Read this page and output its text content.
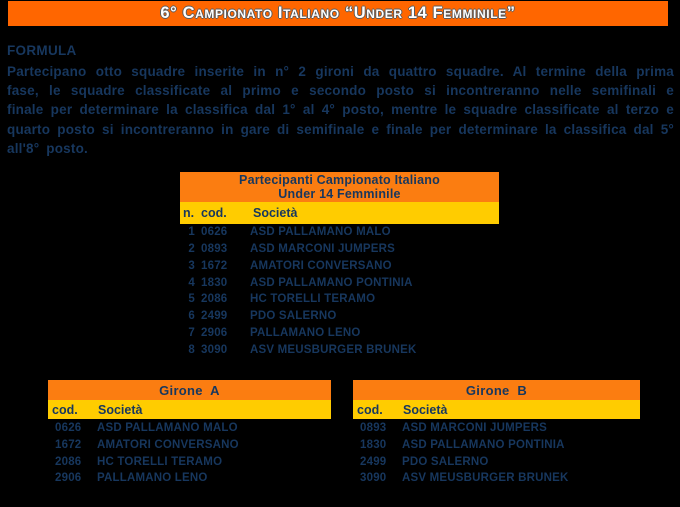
6° Campionato Italiano “Under 14 Femminile”

FORMULA

Partecipano otto squadre inserite in n° 2 gironi da quattro squadre. Al termine della prima fase, le squadre classificate al primo e secondo posto si incontreranno nelle semifinali e finale per determinare la classifica dal 1° al 4° posto, mentre le squadre classificate al terzo e quarto posto si incontreranno in gare di semifinale e finale per determinare la classifica dal 5° all'8° posto.

Partecipanti Campionato Italiano
Under 14 Femminile
n. cod.	Società
1 0626	ASD PALLAMANO MALO
2 0893	ASD MARCONI JUMPERS
3 1672	AMATORI CONVERSANO
4 1830	ASD PALLAMANO PONTINIA
5 2086	HC TORELLI TERAMO
6 2499	PDO SALERNO
7 2906	PALLAMANO LENO
8 3090	ASV MEUSBURGER BRUNEK
Girone  A
cod.	Società
0626	ASD PALLAMANO MALO
1672	AMATORI CONVERSANO
2086	HC TORELLI TERAMO
2906	PALLAMANO LENO
Girone  B
cod.	Società
0893	ASD MARCONI JUMPERS
1830	ASD PALLAMANO PONTINIA
2499	PDO SALERNO
3090	ASV MEUSBURGER BRUNEK
